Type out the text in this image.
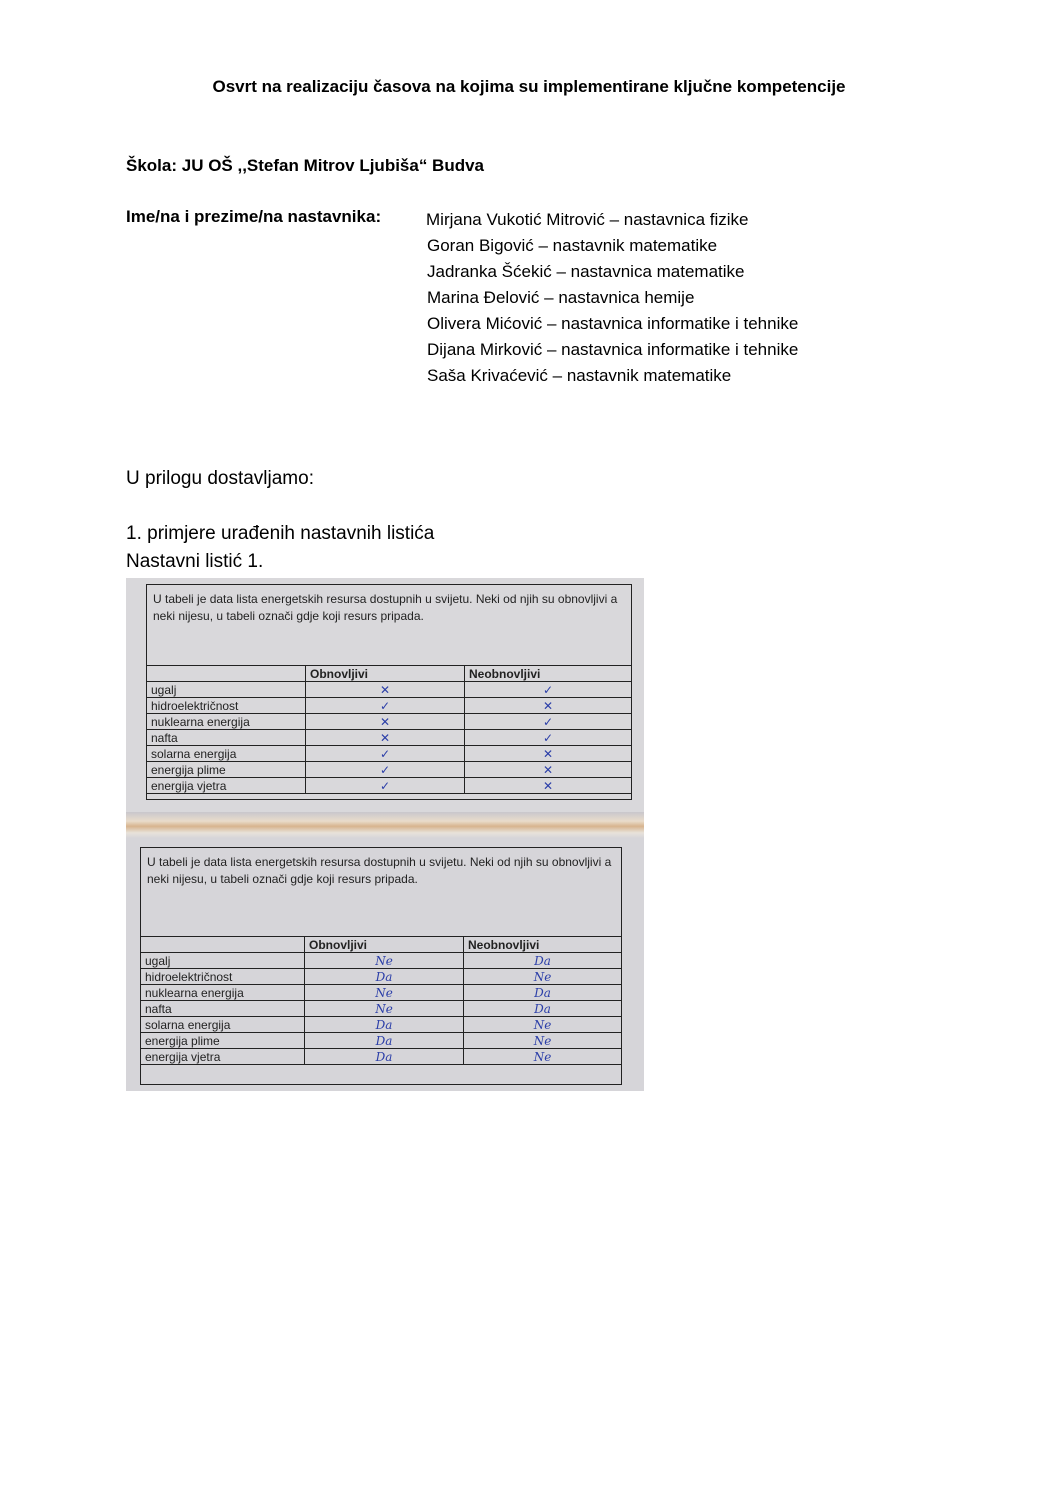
Osvrt na realizaciju časova na kojima su implementirane ključne kompetencije
Škola: JU OŠ ,,Stefan Mitrov Ljubiša“ Budva
Ime/na i prezime/na nastavnika:	Mirjana Vukotić Mitrović – nastavnica fizike
Goran Bigović – nastavnik matematike
Jadranka Šćekić – nastavnica matematike
Marina Đelović – nastavnica hemije
Olivera Mićović – nastavnica informatike i tehnike
Dijana Mirković – nastavnica informatike i tehnike
Saša Krivaćević – nastavnik matematike
U prilogu dostavljamo:
1. primjere urađenih nastavnih listića
Nastavni listić 1.
U tabeli je data lista energetskih resursa dostupnih u svijetu. Neki od njih su obnovljivi a neki nijesu, u tabeli označi gdje koji resurs pripada.
	Obnovljivi	Neobnovljivi
ugalj	✕	✓
hidroelektričnost	✓	✕
nuklearna energija	✕	✓
nafta	✕	✓
solarna energija	✓	✕
energija plime	✓	✕
energija vjetra	✓	✕
U tabeli je data lista energetskih resursa dostupnih u svijetu. Neki od njih su obnovljivi a neki nijesu, u tabeli označi gdje koji resurs pripada.
	Obnovljivi	Neobnovljivi
ugalj	Ne	Da
hidroelektričnost	Da	Ne
nuklearna energija	Ne	Da
nafta	Ne	Da
solarna energija	Da	Ne
energija plime	Da	Ne
energija vjetra	Da	Ne
